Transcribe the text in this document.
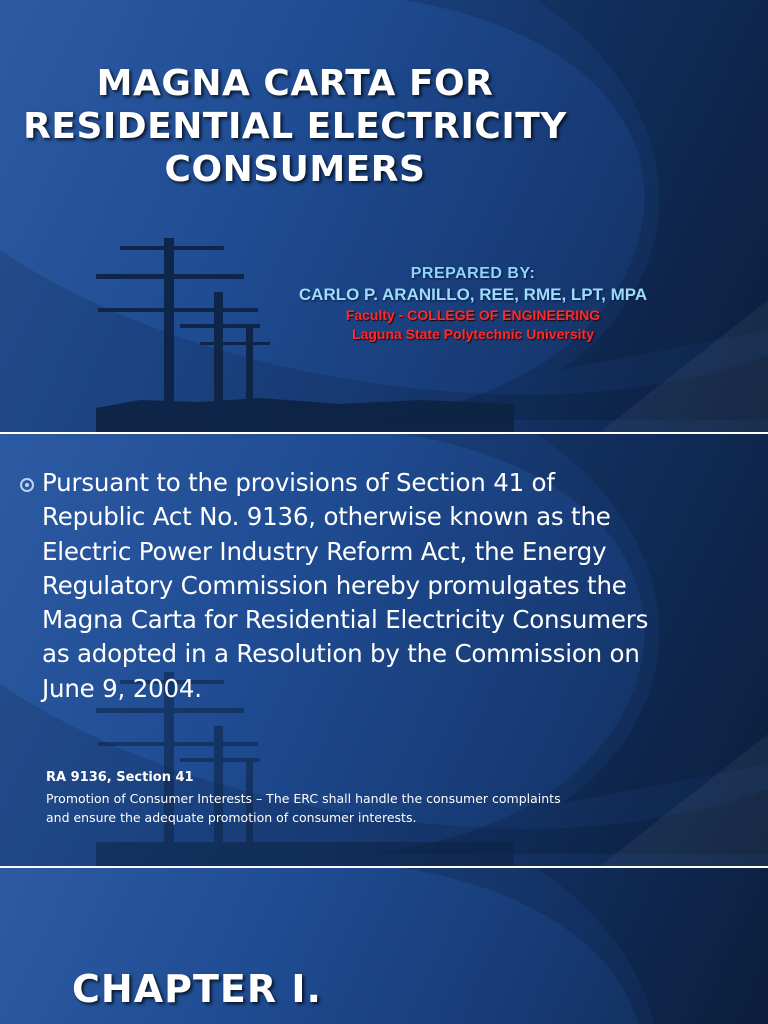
MAGNA CARTA FOR RESIDENTIAL ELECTRICITY CONSUMERS
PREPARED BY:
CARLO P. ARANILLO, REE, RME, LPT, MPA
Faculty - COLLEGE OF ENGINEERING
Laguna State Polytechnic University

Pursuant to the provisions of Section 41 of Republic Act No. 9136, otherwise known as the Electric Power Industry Reform Act, the Energy Regulatory Commission hereby promulgates the Magna Carta for Residential Electricity Consumers as adopted in a Resolution by the Commission on June 9, 2004.

RA 9136, Section 41

Promotion of Consumer Interests – The ERC shall handle the consumer complaints and ensure the adequate promotion of consumer interests.

CHAPTER I.
